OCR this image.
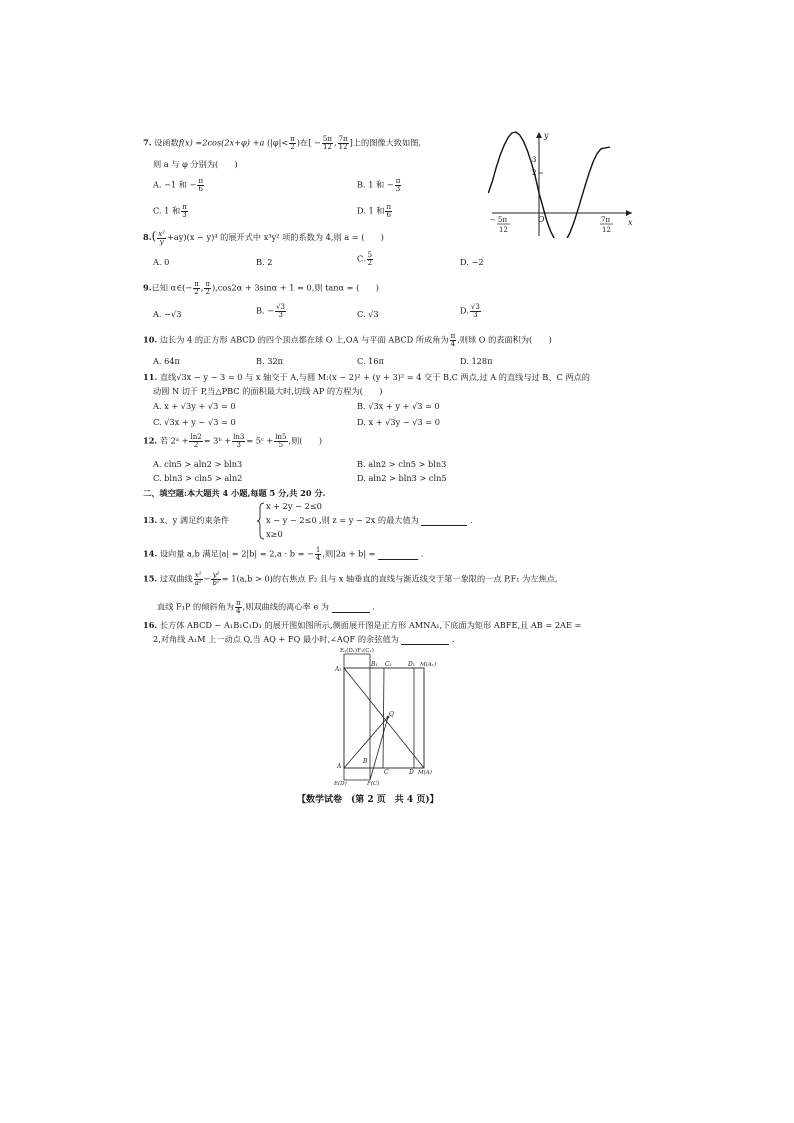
7. 设函数f(x) =2cos(2x+φ) +a ($|\varphi|< \frac{\pi}{2}$ )在[ − $\frac{5\pi}{12}$ , $\frac{7\pi}{12}$ ]上的图像大致如图,
则 a 与 φ 分别为(　　)
A. −1 和 − $\frac{\pi}{6}$	B. 1 和 − $\frac{\pi}{3}$
C. 1 和 $\frac{\pi}{3}$	D. 1 和 $\frac{\pi}{6}$
y
x
O
3
2
− 5π
12
7π
12
$8.( \frac{\text{x²}}{y} +ay)(x - y)^4$ 的展开式中 x³y² 项的系数为 4,则 a = (　　)
A. 0	B. 2	C. $\frac{5}{2}$	D. −2
9.已知 α∈(− $\frac{\pi}{2}$ , $\frac{\pi}{2} ),\cos 2\alpha + 3\sin\alpha + 1 = 0$,则 tanα = (　　)
A. −√3	B. − $\frac{√3}{3}$	C. √3	D. $\frac{√3}{3}$
10. 边长为 4 的正方形 ABCD 的四个顶点都在球 O 上,OA 与平面 ABCD 所成角为 $\frac{\pi}{4}$ ,则球 O 的表面积为(　　)
A. 64π	B. 32π	C. 16π	D. 128π
11. 直线√3x − y − 3 = 0 与 x 轴交于 A,与圆 M:(x − 2)² + (y + 3)² = 4 交于 B,C 两点,过 A 的直线与过 B、C 两点的
动圆 N 切于 P,当△PBC 的面积最大时,切线 AP 的方程为(　　)
A. x + √3y + √3 = 0	B. √3x + y + √3 = 0
C. √3x + y − √3 = 0	D. x + √3y − √3 = 0
12. 若 2ᵃ + $\frac{\ln 2}{2}$ = 3ᵇ + $\frac{\ln 3}{3}$ = 5ᶜ + $\frac{\ln 5}{5}$ ,则(　　)
A. cln5 > aln2 > bln3	B. aln2 > cln5 > bln3
C. bln3 > cln5 > aln2	D. aln2 > bln3 > cln5
二、填空题:本大题共 4 小题,每题 5 分,共 20 分.
13. x、y 满足约束条件
x + 2y − 2≤0
x − y − 2≤0
x≥0
,则 z = y − 2x 的最大值为	.
14. 设向量 a,b 满足|a| = 2|b| = 2,a · b = − $\frac{1}{4}$ ,则|2a + b| =	.
15. 过双曲线 $\frac{\text{x²}}{\text{a²}} - \frac{\text{y²}}{\text{b²}} = 1(a,b > 0)$的右焦点 F₂ 且与 x 轴垂直的直线与渐近线交于第一象限的一点 P,F₁ 为左焦点,
直线 F₁P 的倾斜角为 $\frac{\pi}{4}$ ,则双曲线的离心率 e 为	.
16. 长方体 ABCD − A₁B₁C₁D₁ 的展开图如图所示,侧面展开图是正方形 AMNA₁,下底面为矩形 ABFE,且 AB = 2AE =
2,对角线 A₁M 上一动点 Q,当 AQ + FQ 最小时,∠AQF 的余弦值为	.
E₁(D₁)F₁(C₁)
A₁
B₁ C₁	D₁ M(A₁)
Q
B
A
C	D M(A)
E(D)	F(C)
【数学试卷　(第 2 页　共 4 页)】
